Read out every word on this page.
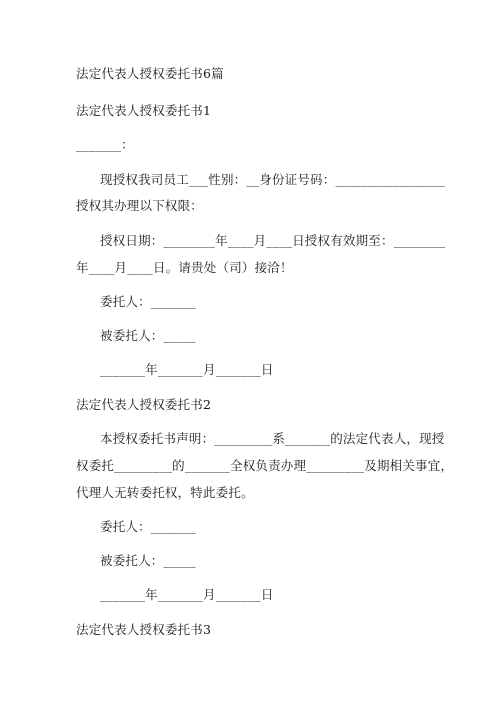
法定代表人授权委托书6篇
法定代表人授权委托书1
_______：
现授权我司员工___性别：__身份证号码：_________________
授权其办理以下权限：
授权日期：________年____月____日授权有效期至：________
年____月____日。请贵处（司）接洽！
委托人：_______
被委托人：_____
_______年_______月_______日
法定代表人授权委托书2
本授权委托书声明：_________系_______的法定代表人，现授
权委托_________的_______全权负责办理_________及期相关事宜，
代理人无转委托权，特此委托。
委托人：_______
被委托人：_____
_______年_______月_______日
法定代表人授权委托书3
